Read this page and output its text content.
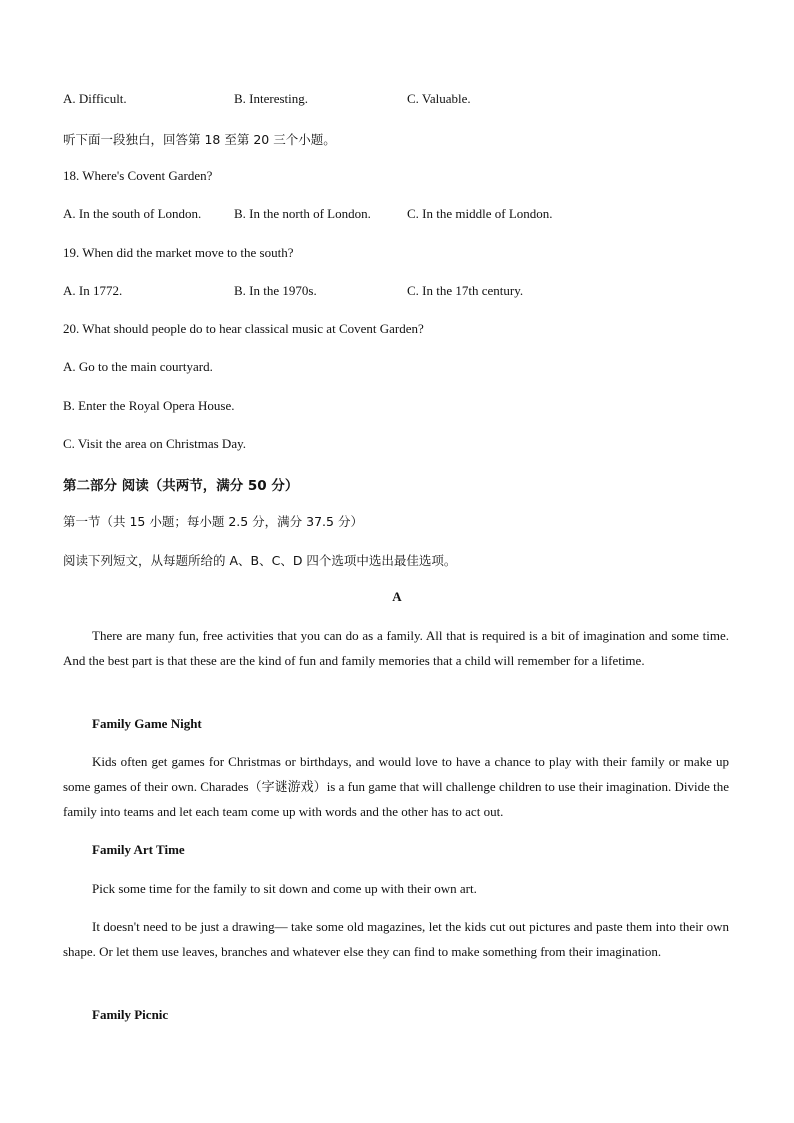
A. Difficult.	B. Interesting.	C. Valuable.
听下面一段独白，回答第 18 至第 20 三个小题。
18. Where's Covent Garden?
A. In the south of London.	B. In the north of London.	C. In the middle of London.
19. When did the market move to the south?
A. In 1772.	B. In the 1970s.	C. In the 17th century.
20. What should people do to hear classical music at Covent Garden?
A. Go to the main courtyard.
B. Enter the Royal Opera House.
C. Visit the area on Christmas Day.
第二部分 阅读（共两节，满分 50 分）
第一节（共 15 小题；每小题 2.5 分，满分 37.5 分）
阅读下列短文，从每题所给的 A、B、C、D 四个选项中选出最佳选项。
A
There are many fun, free activities that you can do as a family. All that is required is a bit of imagination and some time. And the best part is that these are the kind of fun and family memories that a child will remember for a lifetime.
Family Game Night
Kids often get games for Christmas or birthdays, and would love to have a chance to play with their family or make up some games of their own. Charades（字谜游戏）is a fun game that will challenge children to use their imagination. Divide the family into teams and let each team come up with words and the other has to act out.
Family Art Time
Pick some time for the family to sit down and come up with their own art.
It doesn't need to be just a drawing— take some old magazines, let the kids cut out pictures and paste them into their own shape. Or let them use leaves, branches and whatever else they can find to make something from their imagination.
Family Picnic
